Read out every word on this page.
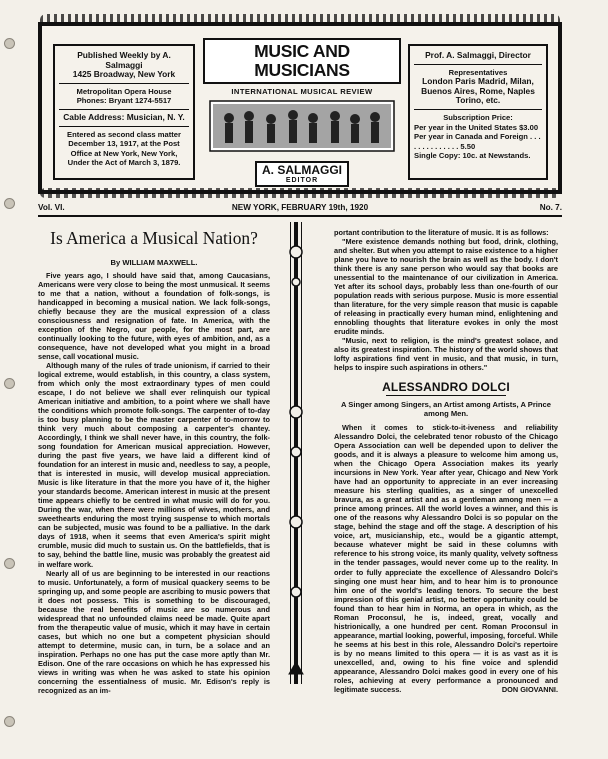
Published Weekly by A. Salmaggi
1425 Broadway, New York
Metropolitan Opera House
Phones: Bryant 1274-5517
Cable Address: Musician, N. Y.
Entered as second class matter December 13, 1917, at the Post Office at New York, New York, Under the Act of March 3, 1879.
MUSIC AND MUSICIANS
INTERNATIONAL MUSICAL REVIEW
A. SALMAGGI
EDITOR
Prof. A. Salmaggi, Director
Representatives
London Paris Madrid, Milan, Buenos Aires, Rome, Naples Torino, etc.
Subscription Price:
Per year in the United States $3.00
Per year in Canada and Foreign . . . . . . . . . . . . . . 5.50
Single Copy: 10c. at Newstands.
Vol. VI.	NEW YORK, FEBRUARY 19th, 1920	No. 7.
Is America a Musical Nation?
By WILLIAM MAXWELL.

Five years ago, I should have said that, among Caucasians, Americans were very close to being the most unmusical. It seems to me that a nation, without a foundation of folk-songs, is handicapped in becoming a musical nation. We lack folk-songs, chiefly because they are the musical expression of a class consciousness and resignation of fate. In America, with the exception of the Negro, our people, for the most part, are continually looking to the future, with eyes of ambition, and, as a consequence, have not developed what you might in a broad sense, call vocational music.

Although many of the rules of trade unionism, if carried to their logical extreme, would establish, in this country, a class system, from which only the most extraordinary types of men could escape, I do not believe we shall ever relinquish our typical American initiative and ambition, to a point where we shall have the conditions which promote folk-songs. The carpenter of to-day is too busy planning to be the master carpenter of to-morrow to think very much about composing a carpenter's chantey. Accordingly, I think we shall never have, in this country, the folk-song foundation for American musical appreciation. However, during the past five years, we have laid a different kind of foundation for an interest in music and, needless to say, a people, that is interested in music, will develop musical appreciation. Music is like literature in that the more you have of it, the higher your standards become. American interest in music at the present time appears chiefly to be centred in what music will do for you. During the war, when there were millions of wives, mothers, and sweethearts enduring the most trying suspense to which mortals can be subjected, music was found to be a palliative. In the dark days of 1918, when it seems that even America's spirit might crumble, music did much to sustain us. On the battlefields, that is to say, behind the battle line, music was probably the greatest aid in welfare work.

Nearly all of us are beginning to be interested in our reactions to music. Unfortunately, a form of musical quackery seems to be springing up, and some people are ascribing to music powers that it does not possess. This is something to be discouraged, because the real benefits of music are so numerous and widespread that no unfounded claims need be made. Quite apart from the therapeutic value of music, which it may have in certain cases, but which no one but a competent physician should attempt to determine, music can, in turn, be a solace and an inspiration. Perhaps no one has put the case more aptly than Mr. Edison. One of the rare occasions on which he has expressed his views in writing was when he was asked to state his opinion concerning the essentialness of music. Mr. Edison's reply is recognized as an im-

portant contribution to the literature of music. It is as follows:

"Mere existence demands nothing but food, drink, clothing, and shelter. But when you attempt to raise existence to a higher plane you have to nourish the brain as well as the body. I don't think there is any sane person who would say that books are unessential to the maintenance of our civilization in America. Yet after its school days, probably less than one-fourth of our population reads with serious purpose. Music is more essential than literature, for the very simple reason that music is capable of releasing in practically every human mind, enlightening and ennobling thoughts that literature evokes in only the most erudite minds.

"Music, next to religion, is the mind's greatest solace, and also its greatest inspiration. The history of the world shows that lofty aspirations find vent in music, and that music, in turn, helps to inspire such aspirations in others."

ALESSANDRO DOLCI
A Singer among Singers, an Artist among Artists, A Prince among Men.

When it comes to stick-to-it-iveness and reliability Alessandro Dolci, the celebrated tenor robusto of the Chicago Opera Association can well be depended upon to deliver the goods, and it is always a pleasure to welcome him among us, when the Chicago Opera Association makes its yearly incursions in New York. Year after year, Chicago and New York have had an opportunity to appreciate in an ever increasing measure his sterling qualities, as a singer of unexcelled bravura, as a great artist and as a gentleman among men — a prince among princes. All the world loves a winner, and this is one of the reasons why Alessandro Dolci is so popular on the stage, behind the stage and off the stage. A description of his voice, art, musicianship, etc., would be a gigantic attempt, because whatever might be said in these columns with reference to his strong voice, its manly quality, velvety softness in the tender passages, would never come up to the reality. In order to fully appreciate the excellence of Alessandro Dolci's singing one must hear him, and to hear him is to pronounce him one of the world's leading tenors. To secure the best impression of this genial artist, no better opportunity could be found than to hear him in Norma, an opera in which, as the Roman Proconsul, he is, indeed, great, vocally and histrionically, a one hundred per cent. Roman Proconsul in appearance, martial looking, powerful, imposing, forceful. While he seems at his best in this role, Alessandro Dolci's repertoire is by no means limited to this opera — it is as vast as it is unexcelled, and, owing to his fine voice and splendid appearance, Alessandro Dolci makes good in every one of his roles, achieving at every performance a pronounced and legitimate success.	DON GIOVANNI.
